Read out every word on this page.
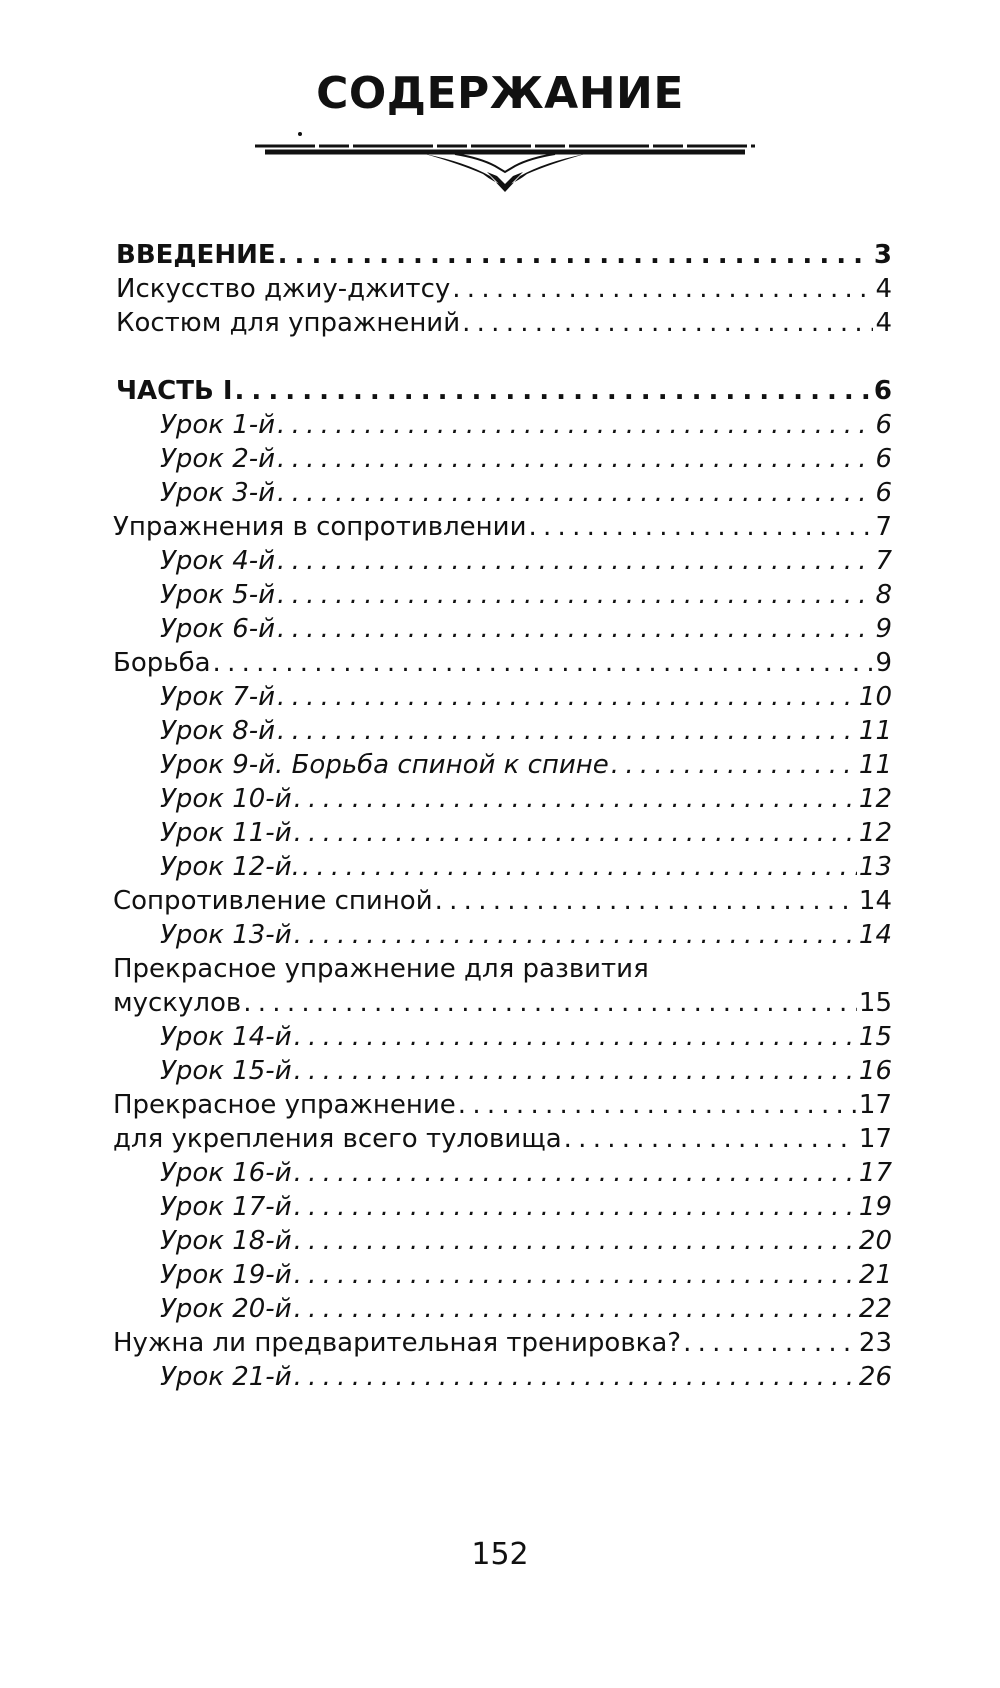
СОДЕРЖАНИЕ
ВВЕДЕНИЕ . . .	3
Искусство джиу-джитсу . . .	4
Костюм для упражнений . . .	4
ЧАСТЬ I . . .	6
Урок 1-й . . .	6
Урок 2-й . . .	6
Урок 3-й . . .	6
Упражнения в сопротивлении . . .	7
Урок 4-й . . .	7
Урок 5-й . . .	8
Урок 6-й . . .	9
Борьба . . .	9
Урок 7-й . . .	10
Урок 8-й . . .	11
Урок 9-й. Борьба спиной к спине . . .	11
Урок 10-й . . .	12
Урок 11-й . . .	12
Урок 12-й. . . .	13
Сопротивление спиной . . .	14
Урок 13-й . . .	14
Прекрасное упражнение для развития
мускулов . . .	15
Урок 14-й . . .	15
Урок 15-й . . .	16
Прекрасное упражнение . . .	17
для укрепления всего туловища . . .	17
Урок 16-й . . .	17
Урок 17-й . . .	19
Урок 18-й . . .	20
Урок 19-й . . .	21
Урок 20-й . . .	22
Нужна ли предварительная тренировка? . . .	23
Урок 21-й . . .	26
152
